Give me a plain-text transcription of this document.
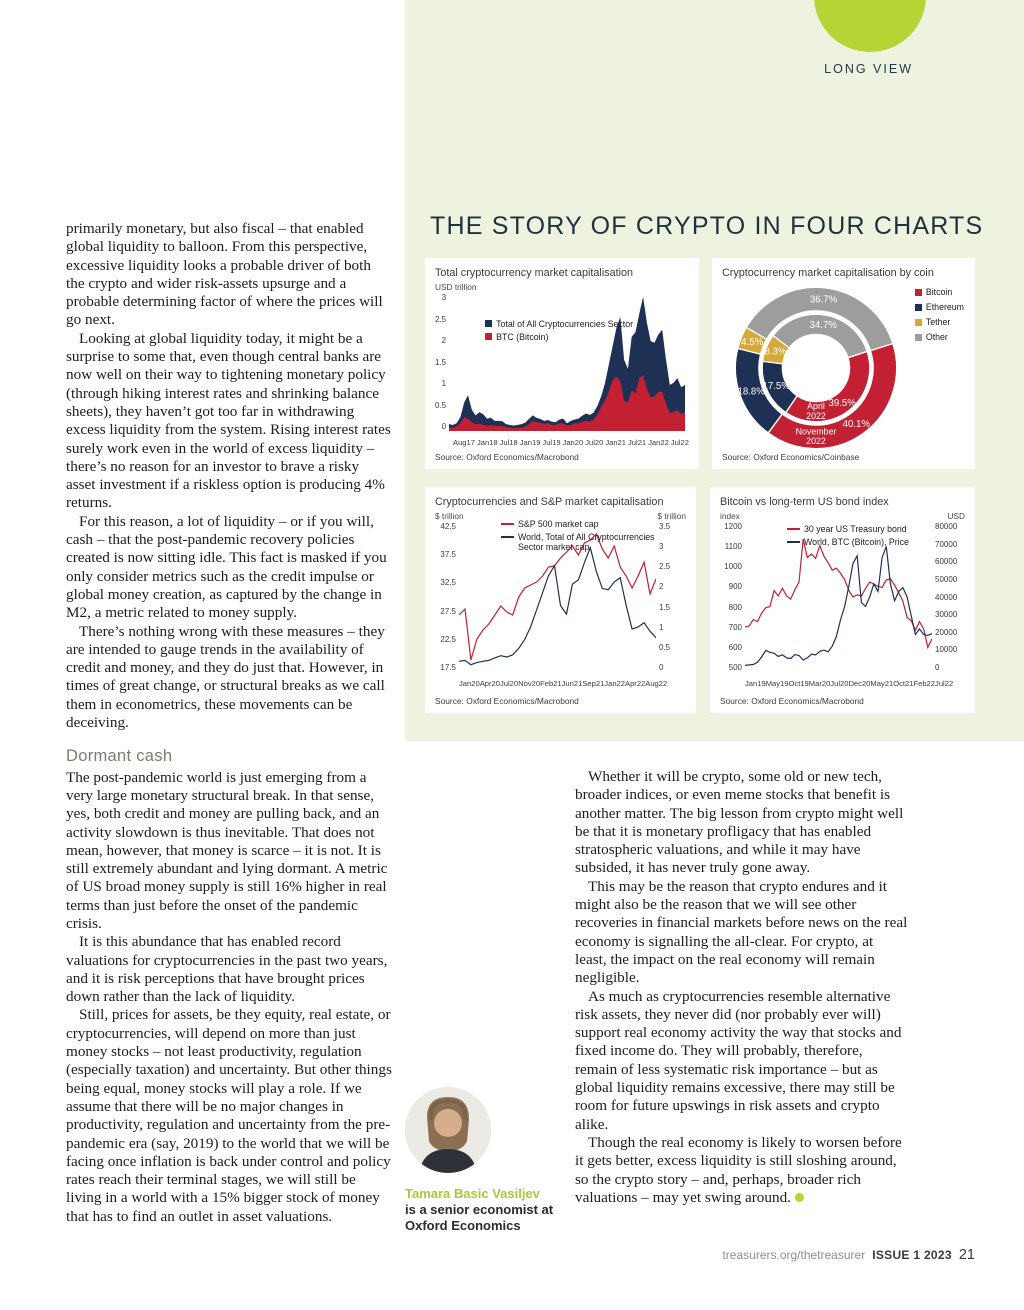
LONG VIEW
THE STORY OF CRYPTO IN FOUR CHARTS

primarily monetary, but also fiscal – that enabled global liquidity to balloon. From this perspective, excessive liquidity looks a probable driver of both the crypto and wider risk-assets upsurge and a probable determining factor of where the prices will go next.

Looking at global liquidity today, it might be a surprise to some that, even though central banks are now well on their way to tightening monetary policy (through hiking interest rates and shrinking balance sheets), they haven’t got too far in withdrawing excess liquidity from the system. Rising interest rates surely work even in the world of excess liquidity – there’s no reason for an investor to brave a risky asset investment if a riskless option is producing 4% returns.

For this reason, a lot of liquidity – or if you will, cash – that the post-pandemic recovery policies created is now sitting idle. This fact is masked if you only consider metrics such as the credit impulse or global money creation, as captured by the change in M2, a metric related to money supply.

There’s nothing wrong with these measures – they are intended to gauge trends in the availability of credit and money, and they do just that. However, in times of great change, or structural breaks as we call them in econometrics, these movements can be deceiving.

Dormant cash

The post-pandemic world is just emerging from a very large monetary structural break. In that sense, yes, both credit and money are pulling back, and an activity slowdown is thus inevitable. That does not mean, however, that money is scarce – it is not. It is still extremely abundant and lying dormant. A metric of US broad money supply is still 16% higher in real terms than just before the onset of the pandemic crisis.

It is this abundance that has enabled record valuations for cryptocurrencies in the past two years, and it is risk perceptions that have brought prices down rather than the lack of liquidity.

Still, prices for assets, be they equity, real estate, or cryptocurrencies, will depend on more than just money stocks – not least productivity, regulation (especially taxation) and uncertainty. But other things being equal, money stocks will play a role. If we assume that there will be no major changes in productivity, regulation and uncertainty from the pre-pandemic era (say, 2019) to the world that we will be facing once inflation is back under control and policy rates reach their terminal stages, we will still be living in a world with a 15% bigger stock of money that has to find an outlet in asset valuations.

Whether it will be crypto, some old or new tech, broader indices, or even meme stocks that benefit is another matter. The big lesson from crypto might well be that it is monetary profligacy that has enabled stratospheric valuations, and while it may have subsided, it has never truly gone away.

This may be the reason that crypto endures and it might also be the reason that we will see other recoveries in financial markets before news on the real economy is signalling the all-clear. For crypto, at least, the impact on the real economy will remain negligible.

As much as cryptocurrencies resemble alternative risk assets, they never did (nor probably ever will) support real economy activity the way that stocks and fixed income do. They will probably, therefore, remain of less systematic risk importance – but as global liquidity remains excessive, there may still be room for future upswings in risk assets and crypto alike.

Though the real economy is likely to worsen before it gets better, excess liquidity is still sloshing around, so the crypto story – and, perhaps, broader rich valuations – may yet swing around.

Total cryptocurrency market capitalisation
USD trillion
3
2.5
2
1.5
1
0.5
0
Total of All Cryptocurrencies Sector
BTC (Bitcoin)
Aug17 Jan18 Jul18 Jan19 Jul19 Jan20 Jul20 Jan21 Jul21 Jan22 Jul22
Source: Oxford Economics/Macrobond
Cryptocurrency market capitalisation by coin
40.1%
18.8%
4.5%
36.7%
November
2022
39.5%
17.5%
8.3%
34.7%
April
2022
Bitcoin
Ethereum
Tether
Other
Source: Oxford Economics/Coinbase
Cryptocurrencies and S&P market capitalisation
$ trillion	$ trillion
42.5
37.5
32.5
27.5
22.5
17.5
S&P 500 market cap
World, Total of All Cryptocurrencies Sector market cap
3.5
3
2.5
2
1.5
1
0.5
0
Jan20 Apr20 Jul20 Nov20 Feb21 Jun21 Sep21 Jan22 Apr22 Aug22
Source: Oxford Economics/Macrobond
Bitcoin vs long-term US bond index
index	USD
1200
1100
1000
900
800
700
600
500
30 year US Treasury bond
World, BTC (Bitcoin), Price
80000
70000
60000
50000
40000
30000
20000
10000
0
Jan19 May19 Oct19 Mar20 Jul20 Dec20 May21 Oct21 Feb22 Jul22
Source: Oxford Economics/Macrobond
Tamara Basic Vasiljev
is a senior economist at
Oxford Economics
treasurers.org/thetreasurer ISSUE 1 2023 21
